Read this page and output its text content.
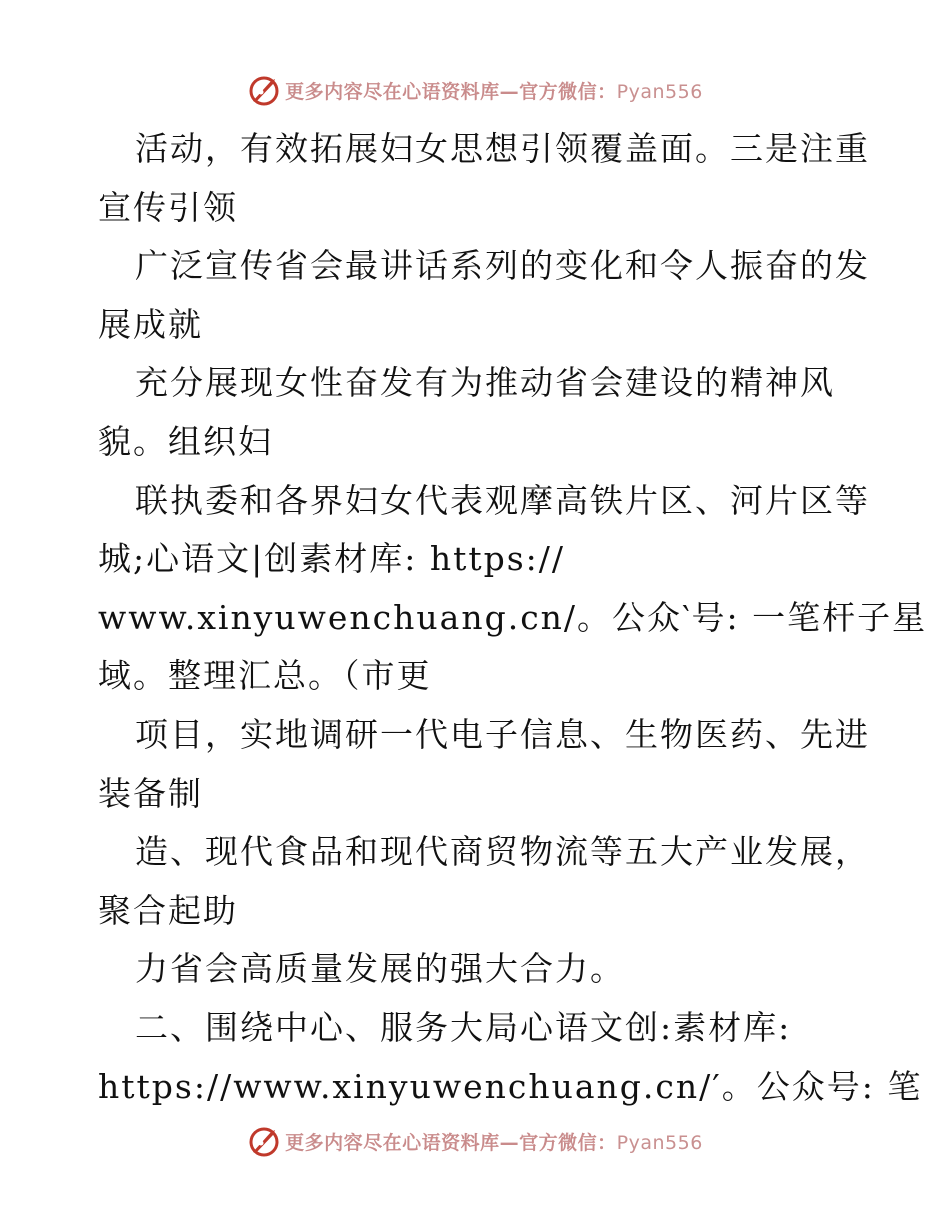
更多内容尽在心语资料库—官方微信：Pyan556
活动，有效拓展妇女思想引领覆盖面。三是注重
宣传引领
广泛宣传省会最讲话系列的变化和令人振奋的发
展成就
充分展现女性奋发有为推动省会建设的精神风
貌。组织妇
联执委和各界妇女代表观摩高铁片区、河片区等
城;心语文|创素材库: https://
www.xinyuwenchuang.cn/。公众‵号: 一笔杆子星
域。整理汇总。（市更
项目，实地调研一代电子信息、生物医药、先进
装备制
造、现代食品和现代商贸物流等五大产业发展，
聚合起助
力省会高质量发展的强大合力。
二、围绕中心、服务大局心语文创:素材库:
https://www.xinyuwenchuang.cn/′。公众号: 笔
更多内容尽在心语资料库—官方微信：Pyan556
